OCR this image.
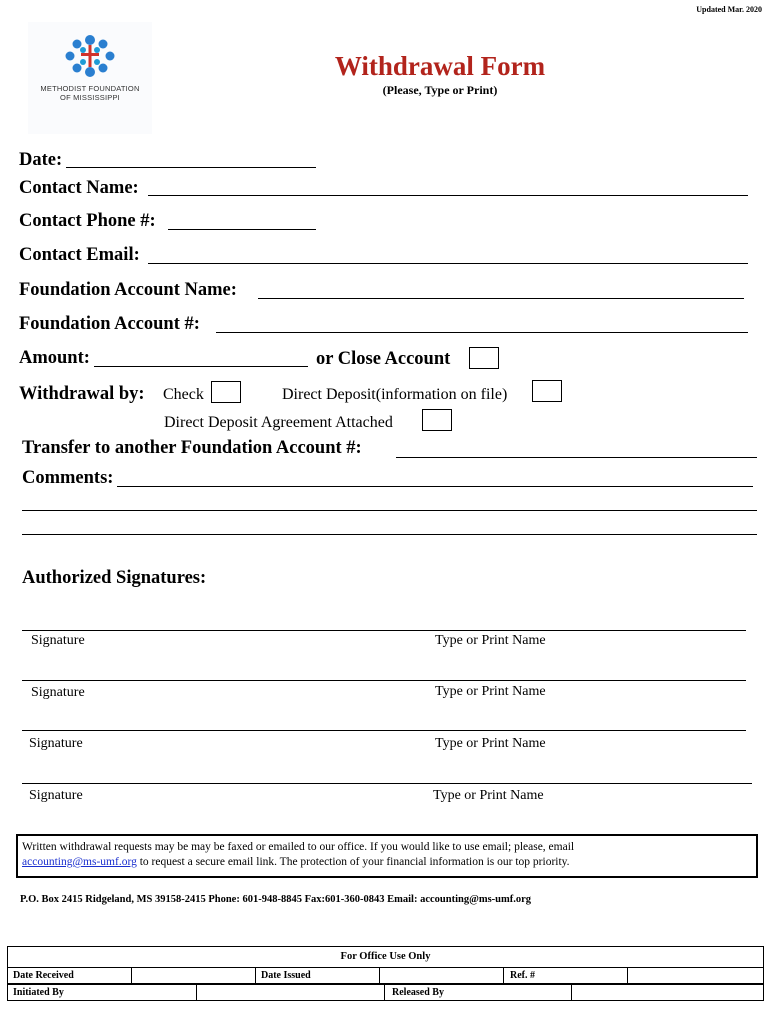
Updated Mar. 2020
METHODIST FOUNDATION
OF MISSISSIPPI
Withdrawal Form
(Please, Type or Print)
Date:
Contact Name:
Contact Phone #:
Contact Email:
Foundation Account Name:
Foundation Account #:
Amount:	or Close Account
Withdrawal by: Check	Direct Deposit(information on file)
Direct Deposit Agreement Attached
Transfer to another Foundation Account #:
Comments:
Authorized Signatures:
Signature	Type or Print Name
Signature	Type or Print Name
Signature	Type or Print Name
Signature	Type or Print Name
Written withdrawal requests may be may be faxed or emailed to our office. If you would like to use email; please, email
accounting@ms-umf.org to request a secure email link. The protection of your financial information is our top priority.
P.O. Box 2415 Ridgeland, MS 39158-2415 Phone: 601-948-8845 Fax:601-360-0843 Email: accounting@ms-umf.org
For Office Use Only
Date Received	Date Issued	Ref. #
Initiated By	Released By
